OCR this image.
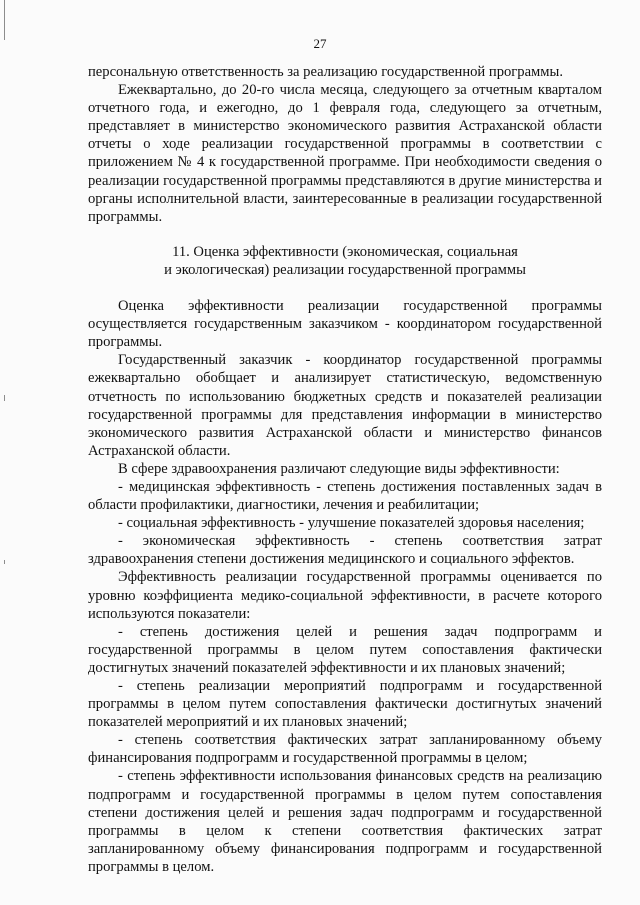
27

персональную ответственность за реализацию государственной программы.

Ежеквартально, до 20-го числа месяца, следующего за отчетным кварталом отчетного года, и ежегодно, до 1 февраля года, следующего за отчетным, представляет в министерство экономического развития Астраханской области отчеты о ходе реализации государственной программы в соответствии с приложением № 4 к государственной программе. При необходимости сведения о реализации государственной программы представляются в другие министерства и органы исполнительной власти, заинтересованные в реализации государственной программы.

11. Оценка эффективности (экономическая, социальная
и экологическая) реализации государственной программы

Оценка эффективности реализации государственной программы осуществляется государственным заказчиком - координатором государственной программы.

Государственный заказчик - координатор государственной программы ежеквартально обобщает и анализирует статистическую, ведомственную отчетность по использованию бюджетных средств и показателей реализации государственной программы для представления информации в министерство экономического развития Астраханской области и министерство финансов Астраханской области.

В сфере здравоохранения различают следующие виды эффективности:

- медицинская эффективность - степень достижения поставленных задач в области профилактики, диагностики, лечения и реабилитации;

- социальная эффективность - улучшение показателей здоровья населения;

- экономическая эффективность - степень соответствия затрат здравоохранения степени достижения медицинского и социального эффектов.

Эффективность реализации государственной программы оценивается по уровню коэффициента медико-социальной эффективности, в расчете которого используются показатели:

- степень достижения целей и решения задач подпрограмм и государственной программы в целом путем сопоставления фактически достигнутых значений показателей эффективности и их плановых значений;

- степень реализации мероприятий подпрограмм и государственной программы в целом путем сопоставления фактически достигнутых значений показателей мероприятий и их плановых значений;

- степень соответствия фактических затрат запланированному объему финансирования подпрограмм и государственной программы в целом;

- степень эффективности использования финансовых средств на реализацию подпрограмм и государственной программы в целом путем сопоставления степени достижения целей и решения задач подпрограмм и государственной программы в целом к степени соответствия фактических затрат запланированному объему финансирования подпрограмм и государственной программы в целом.
